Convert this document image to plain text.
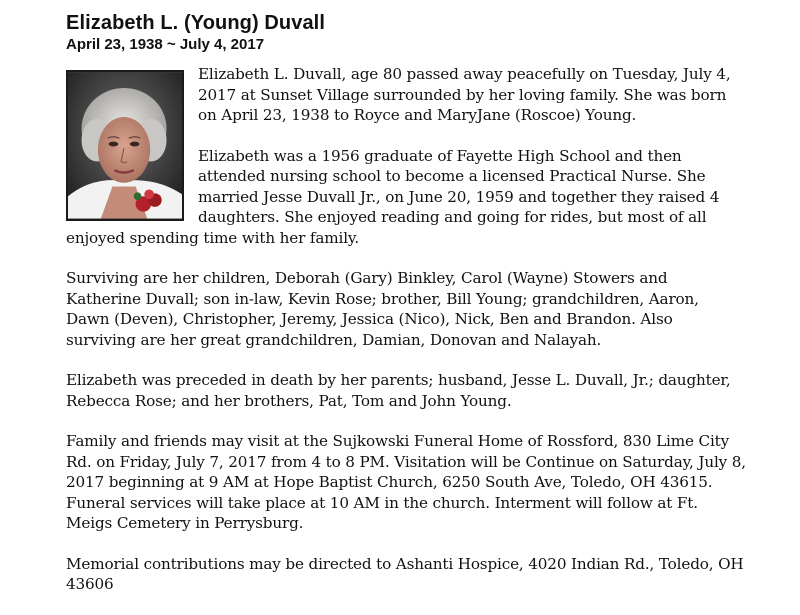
Elizabeth L. (Young) Duvall
April 23, 1938 ~ July 4, 2017

Elizabeth L. Duvall, age 80 passed away peacefully on Tuesday, July 4, 2017 at Sunset Village surrounded by her loving family. She was born on April 23, 1938 to Royce and MaryJane (Roscoe) Young.

Elizabeth was a 1956 graduate of Fayette High School and then attended nursing school to become a licensed Practical Nurse. She married Jesse Duvall Jr., on June 20, 1959 and together they raised 4 daughters. She enjoyed reading and going for rides, but most of all enjoyed spending time with her family.

Surviving are her children, Deborah (Gary) Binkley, Carol (Wayne) Stowers and Katherine Duvall; son in-law, Kevin Rose; brother, Bill Young; grandchildren, Aaron, Dawn (Deven), Christopher, Jeremy, Jessica (Nico), Nick, Ben and Brandon. Also surviving are her great grandchildren, Damian, Donovan and Nalayah.

Elizabeth was preceded in death by her parents; husband, Jesse L. Duvall, Jr.; daughter, Rebecca Rose; and her brothers, Pat, Tom and John Young.

Family and friends may visit at the Sujkowski Funeral Home of Rossford, 830 Lime City Rd. on Friday, July 7, 2017 from 4 to 8 PM. Visitation will be Continue on Saturday, July 8, 2017 beginning at 9 AM at Hope Baptist Church, 6250 South Ave, Toledo, OH 43615. Funeral services will take place at 10 AM in the church. Interment will follow at Ft. Meigs Cemetery in Perrysburg.

Memorial contributions may be directed to Ashanti Hospice, 4020 Indian Rd., Toledo, OH 43606
